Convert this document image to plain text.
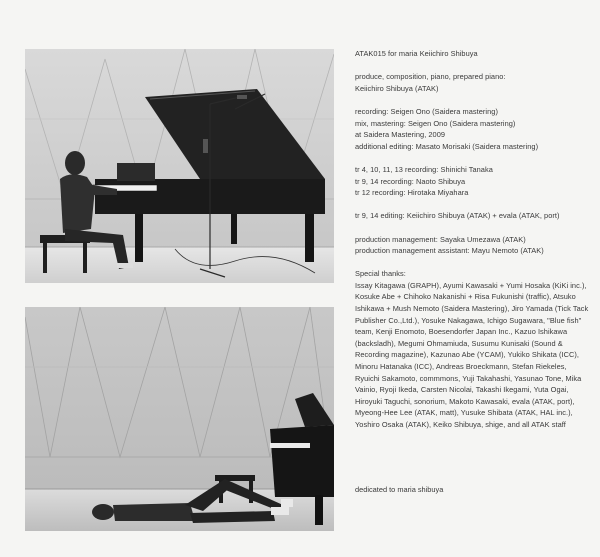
ATAK015 for maria Keiichiro Shibuya

produce, composition, piano, prepared piano:

Keiichiro Shibuya (ATAK)

recording: Seigen Ono (Saidera mastering)

mix, mastering: Seigen Ono (Saidera mastering)

at Saidera Mastering, 2009

additional editing: Masato Morisaki (Saidera mastering)

tr 4, 10, 11, 13 recording: Shinichi Tanaka

tr 9, 14 recording: Naoto Shibuya

tr 12 recording: Hirotaka Miyahara

tr 9, 14 editing: Keiichiro Shibuya (ATAK) + evala (ATAK, port)

production management: Sayaka Umezawa (ATAK)

production management assistant: Mayu Nemoto (ATAK)

Special thanks:

Issay Kitagawa (GRAPH), Ayumi Kawasaki + Yumi Hosaka (KiKi inc.),

Kosuke Abe + Chihoko Nakanishi + Risa Fukunishi (traffic), Atsuko

Ishikawa + Mush Nemoto (Saidera Mastering), Jiro Yamada (Tick Tack

Publisher Co.,Ltd.), Yosuke Nakagawa, Ichigo Sugawara, "Blue fish"

team, Kenji Enomoto, Boesendorfer Japan Inc., Kazuo Ishikawa

(backsladh), Megumi Ohmamiuda, Susumu Kunisaki (Sound &

Recording magazine), Kazunao Abe (YCAM), Yukiko Shikata (ICC),

Minoru Hatanaka (ICC), Andreas Broeckmann, Stefan Riekeles,

Ryuichi Sakamoto, commmons, Yuji Takahashi, Yasunao Tone, Mika

Vainio, Ryoji Ikeda, Carsten Nicolai, Takashi Ikegami, Yuta Ogai,

Hiroyuki Taguchi, sonorium, Makoto Kawasaki, evala (ATAK, port),

Myeong-Hee Lee (ATAK, matt), Yusuke Shibata (ATAK, HAL inc.),

Yoshiro Osaka (ATAK), Keiko Shibuya, shige, and all ATAK staff

dedicated to maria shibuya
